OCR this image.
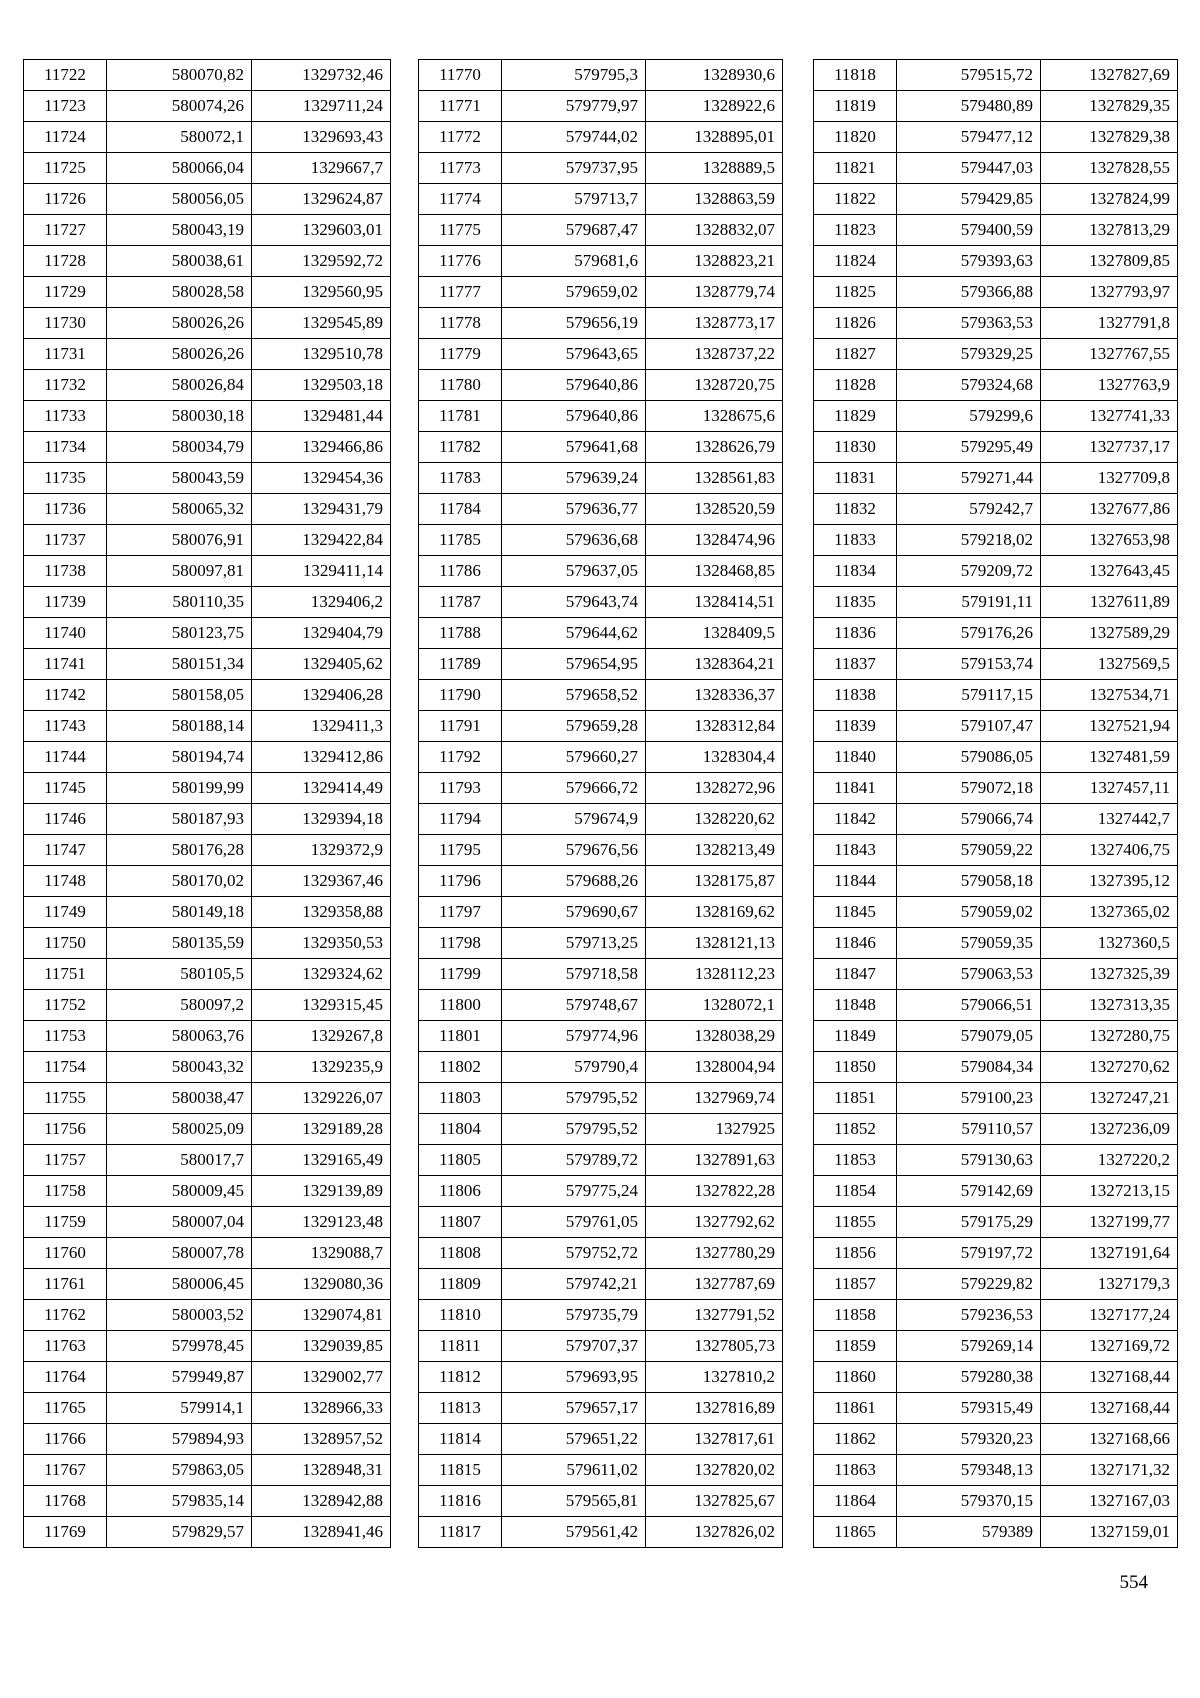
11722	580070,82	1329732,46
11723	580074,26	1329711,24
11724	580072,1	1329693,43
11725	580066,04	1329667,7
11726	580056,05	1329624,87
11727	580043,19	1329603,01
11728	580038,61	1329592,72
11729	580028,58	1329560,95
11730	580026,26	1329545,89
11731	580026,26	1329510,78
11732	580026,84	1329503,18
11733	580030,18	1329481,44
11734	580034,79	1329466,86
11735	580043,59	1329454,36
11736	580065,32	1329431,79
11737	580076,91	1329422,84
11738	580097,81	1329411,14
11739	580110,35	1329406,2
11740	580123,75	1329404,79
11741	580151,34	1329405,62
11742	580158,05	1329406,28
11743	580188,14	1329411,3
11744	580194,74	1329412,86
11745	580199,99	1329414,49
11746	580187,93	1329394,18
11747	580176,28	1329372,9
11748	580170,02	1329367,46
11749	580149,18	1329358,88
11750	580135,59	1329350,53
11751	580105,5	1329324,62
11752	580097,2	1329315,45
11753	580063,76	1329267,8
11754	580043,32	1329235,9
11755	580038,47	1329226,07
11756	580025,09	1329189,28
11757	580017,7	1329165,49
11758	580009,45	1329139,89
11759	580007,04	1329123,48
11760	580007,78	1329088,7
11761	580006,45	1329080,36
11762	580003,52	1329074,81
11763	579978,45	1329039,85
11764	579949,87	1329002,77
11765	579914,1	1328966,33
11766	579894,93	1328957,52
11767	579863,05	1328948,31
11768	579835,14	1328942,88
11769	579829,57	1328941,46
11770	579795,3	1328930,6
11771	579779,97	1328922,6
11772	579744,02	1328895,01
11773	579737,95	1328889,5
11774	579713,7	1328863,59
11775	579687,47	1328832,07
11776	579681,6	1328823,21
11777	579659,02	1328779,74
11778	579656,19	1328773,17
11779	579643,65	1328737,22
11780	579640,86	1328720,75
11781	579640,86	1328675,6
11782	579641,68	1328626,79
11783	579639,24	1328561,83
11784	579636,77	1328520,59
11785	579636,68	1328474,96
11786	579637,05	1328468,85
11787	579643,74	1328414,51
11788	579644,62	1328409,5
11789	579654,95	1328364,21
11790	579658,52	1328336,37
11791	579659,28	1328312,84
11792	579660,27	1328304,4
11793	579666,72	1328272,96
11794	579674,9	1328220,62
11795	579676,56	1328213,49
11796	579688,26	1328175,87
11797	579690,67	1328169,62
11798	579713,25	1328121,13
11799	579718,58	1328112,23
11800	579748,67	1328072,1
11801	579774,96	1328038,29
11802	579790,4	1328004,94
11803	579795,52	1327969,74
11804	579795,52	1327925
11805	579789,72	1327891,63
11806	579775,24	1327822,28
11807	579761,05	1327792,62
11808	579752,72	1327780,29
11809	579742,21	1327787,69
11810	579735,79	1327791,52
11811	579707,37	1327805,73
11812	579693,95	1327810,2
11813	579657,17	1327816,89
11814	579651,22	1327817,61
11815	579611,02	1327820,02
11816	579565,81	1327825,67
11817	579561,42	1327826,02
11818	579515,72	1327827,69
11819	579480,89	1327829,35
11820	579477,12	1327829,38
11821	579447,03	1327828,55
11822	579429,85	1327824,99
11823	579400,59	1327813,29
11824	579393,63	1327809,85
11825	579366,88	1327793,97
11826	579363,53	1327791,8
11827	579329,25	1327767,55
11828	579324,68	1327763,9
11829	579299,6	1327741,33
11830	579295,49	1327737,17
11831	579271,44	1327709,8
11832	579242,7	1327677,86
11833	579218,02	1327653,98
11834	579209,72	1327643,45
11835	579191,11	1327611,89
11836	579176,26	1327589,29
11837	579153,74	1327569,5
11838	579117,15	1327534,71
11839	579107,47	1327521,94
11840	579086,05	1327481,59
11841	579072,18	1327457,11
11842	579066,74	1327442,7
11843	579059,22	1327406,75
11844	579058,18	1327395,12
11845	579059,02	1327365,02
11846	579059,35	1327360,5
11847	579063,53	1327325,39
11848	579066,51	1327313,35
11849	579079,05	1327280,75
11850	579084,34	1327270,62
11851	579100,23	1327247,21
11852	579110,57	1327236,09
11853	579130,63	1327220,2
11854	579142,69	1327213,15
11855	579175,29	1327199,77
11856	579197,72	1327191,64
11857	579229,82	1327179,3
11858	579236,53	1327177,24
11859	579269,14	1327169,72
11860	579280,38	1327168,44
11861	579315,49	1327168,44
11862	579320,23	1327168,66
11863	579348,13	1327171,32
11864	579370,15	1327167,03
11865	579389	1327159,01
554
